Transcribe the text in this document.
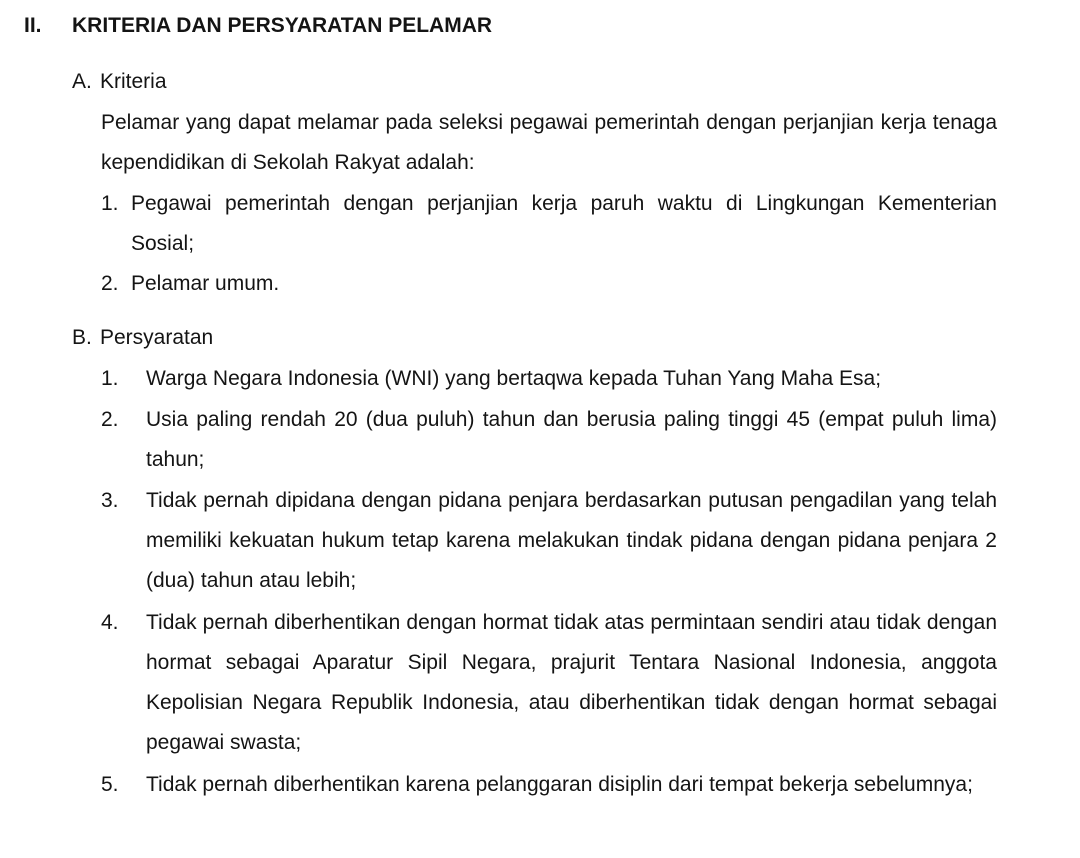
II. KRITERIA DAN PERSYARATAN PELAMAR
A. Kriteria
Pelamar yang dapat melamar pada seleksi pegawai pemerintah dengan perjanjian kerja tenaga kependidikan di Sekolah Rakyat adalah:
1. Pegawai pemerintah dengan perjanjian kerja paruh waktu di Lingkungan Kementerian Sosial;
2. Pelamar umum.
B. Persyaratan
1. Warga Negara Indonesia (WNI) yang bertaqwa kepada Tuhan Yang Maha Esa;
2. Usia paling rendah 20 (dua puluh) tahun dan berusia paling tinggi 45 (empat puluh lima) tahun;
3. Tidak pernah dipidana dengan pidana penjara berdasarkan putusan pengadilan yang telah memiliki kekuatan hukum tetap karena melakukan tindak pidana dengan pidana penjara 2 (dua) tahun atau lebih;
4. Tidak pernah diberhentikan dengan hormat tidak atas permintaan sendiri atau tidak dengan hormat sebagai Aparatur Sipil Negara, prajurit Tentara Nasional Indonesia, anggota Kepolisian Negara Republik Indonesia, atau diberhentikan tidak dengan hormat sebagai pegawai swasta;
5. Tidak pernah diberhentikan karena pelanggaran disiplin dari tempat bekerja sebelumnya;
